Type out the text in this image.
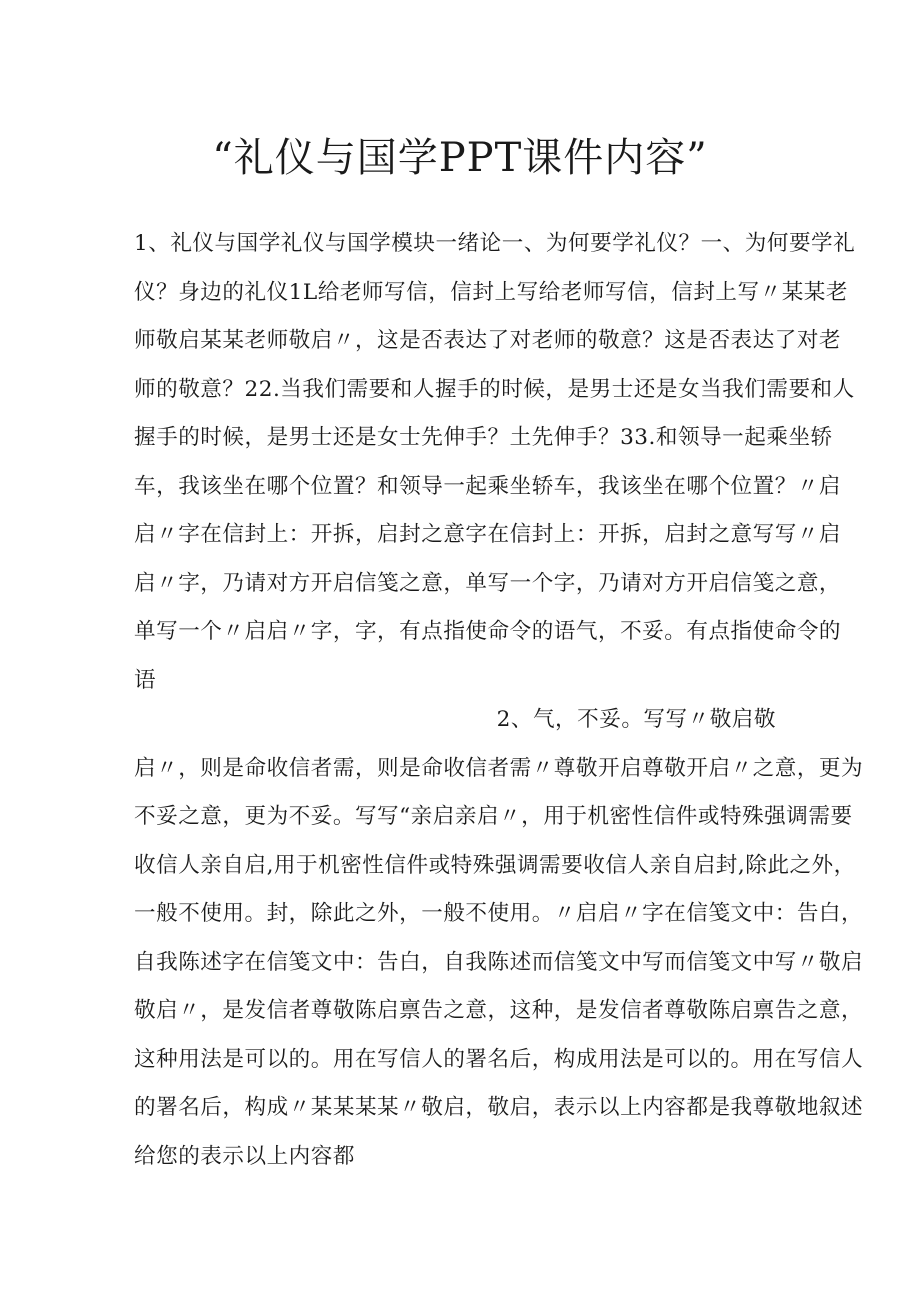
“礼仪与国学PPT课件内容”
1、礼仪与国学礼仪与国学模块一绪论一、为何要学礼仪？一、为何要学礼
仪？身边的礼仪1L给老师写信，信封上写给老师写信，信封上写〃某某老
师敬启某某老师敬启〃，这是否表达了对老师的敬意？这是否表达了对老
师的敬意？22.当我们需要和人握手的时候，是男士还是女当我们需要和人
握手的时候，是男士还是女士先伸手？土先伸手？33.和领导一起乘坐轿
车，我该坐在哪个位置？和领导一起乘坐轿车，我该坐在哪个位置？〃启
启〃字在信封上：开拆，启封之意字在信封上：开拆，启封之意写写〃启
启〃字，乃请对方开启信笺之意，单写一个字，乃请对方开启信笺之意，
单写一个〃启启〃字，字，有点指使命令的语气，不妥。有点指使命令的
语
2、气，不妥。写写〃敬启敬
启〃，则是命收信者需，则是命收信者需〃尊敬开启尊敬开启〃之意，更为
不妥之意，更为不妥。写写“亲启亲启〃，用于机密性信件或特殊强调需要
收信人亲自启,用于机密性信件或特殊强调需要收信人亲自启封,除此之外，
一般不使用。封，除此之外，一般不使用。〃启启〃字在信笺文中：告白，
自我陈述字在信笺文中：告白，自我陈述而信笺文中写而信笺文中写〃敬启
敬启〃，是发信者尊敬陈启禀告之意，这种，是发信者尊敬陈启禀告之意，
这种用法是可以的。用在写信人的署名后，构成用法是可以的。用在写信人
的署名后，构成〃某某某某〃敬启，敬启，表示以上内容都是我尊敬地叙述
给您的表示以上内容都
